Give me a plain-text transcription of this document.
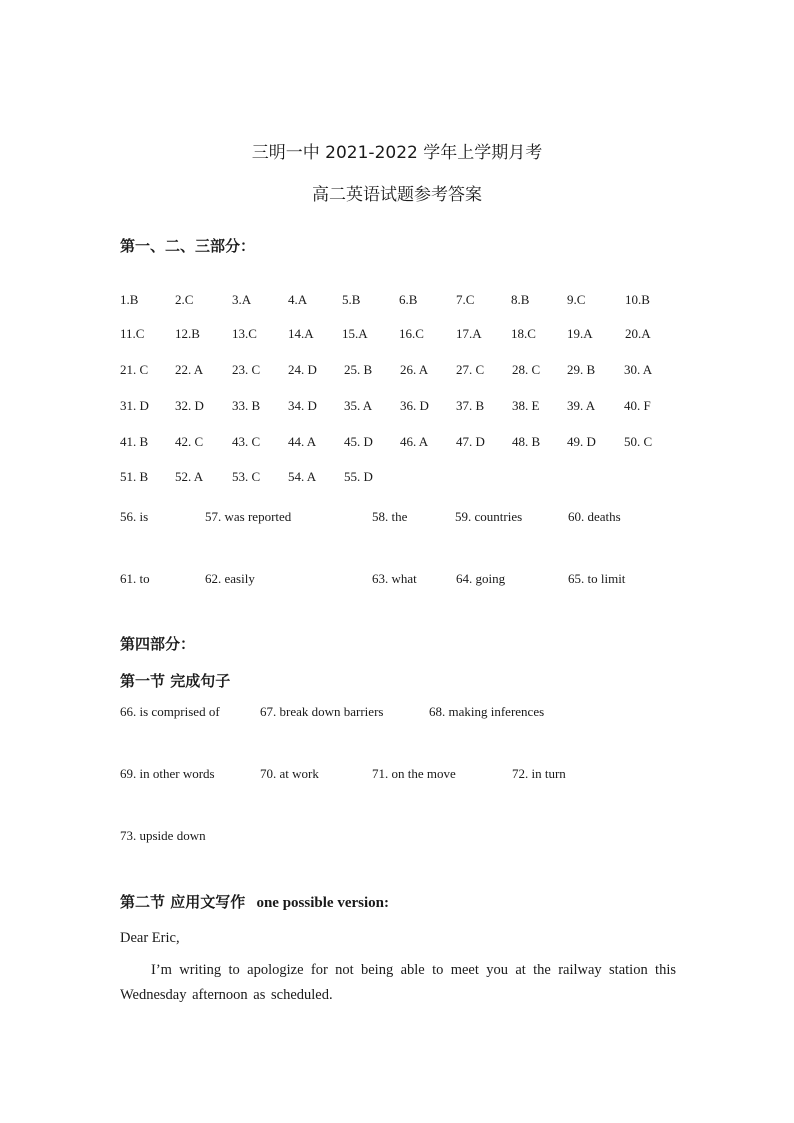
三明一中 2021-2022 学年上学期月考
高二英语试题参考答案
第一、二、三部分：
1.B	2.C	3.A	4.A	5.B	6.B	7.C	8.B	9.C	10.B
11.C 12.B 13.C 14.A 15.A 16.C 17.A 18.C 19.A 20.A
21. C 22. A 23. C 24. D 25. B 26. A 27. C 28. C 29. B 30. A
31. D 32. D 33. B 34. D 35. A 36. D 37. B 38. E 39. A 40. F
41. B 42. C 43. C 44. A 45. D 46. A 47. D 48. B 49. D 50. C
51. B 52. A 53. C 54. A 55. D
56. is	57. was reported	58. the	59. countries	60. deaths
61. to	62. easily	63. what	64. going	65. to limit
第四部分：
第一节 完成句子
66. is comprised of	67. break down barriers	68. making inferences
69. in other words	70. at work	71. on the move	72. in turn
73. upside down
第二节 应用文写作 one possible version:
Dear Eric,
I’m writing to apologize for not being able to meet you at the railway station this Wednesday afternoon as scheduled.
